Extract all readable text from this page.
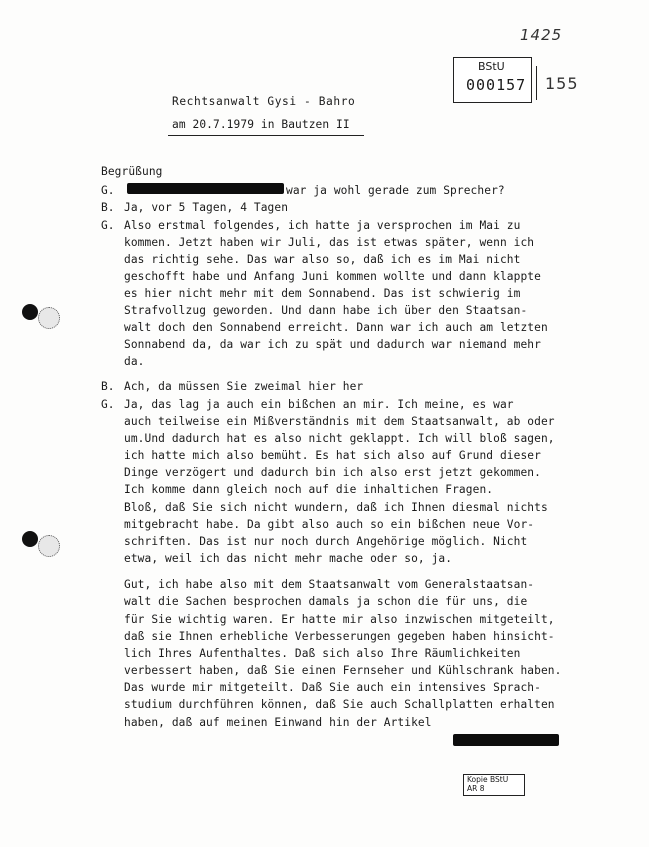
1425
BStU
000157 155
Rechtsanwalt Gysi - Bahro
am 20.7.1979 in Bautzen II
Begrüßung
G.	war ja wohl gerade zum Sprecher?
B. Ja, vor 5 Tagen, 4 Tagen
G. Also erstmal folgendes, ich hatte ja versprochen im Mai zu
kommen. Jetzt haben wir Juli, das ist etwas später, wenn ich
das richtig sehe. Das war also so, daß ich es im Mai nicht
geschofft habe und Anfang Juni kommen wollte und dann klappte
es hier nicht mehr mit dem Sonnabend. Das ist schwierig im
Strafvollzug geworden. Und dann habe ich über den Staatsan-
walt doch den Sonnabend erreicht. Dann war ich auch am letzten
Sonnabend da, da war ich zu spät und dadurch war niemand mehr
da.
B. Ach, da müssen Sie zweimal hier her
G. Ja, das lag ja auch ein bißchen an mir. Ich meine, es war
auch teilweise ein Mißverständnis mit dem Staatsanwalt, ab oder
um.Und dadurch hat es also nicht geklappt. Ich will bloß sagen,
ich hatte mich also bemüht. Es hat sich also auf Grund dieser
Dinge verzögert und dadurch bin ich also erst jetzt gekommen.
Ich komme dann gleich noch auf die inhaltichen Fragen.
Bloß, daß Sie sich nicht wundern, daß ich Ihnen diesmal nichts
mitgebracht habe. Da gibt also auch so ein bißchen neue Vor-
schriften. Das ist nur noch durch Angehörige möglich. Nicht
etwa, weil ich das nicht mehr mache oder so, ja.
Gut, ich habe also mit dem Staatsanwalt vom Generalstaatsan-
walt die Sachen besprochen damals ja schon die für uns, die
für Sie wichtig waren. Er hatte mir also inzwischen mitgeteilt,
daß sie Ihnen erhebliche Verbesserungen gegeben haben hinsicht-
lich Ihres Aufenthaltes. Daß sich also Ihre Räumlichkeiten
verbessert haben, daß Sie einen Fernseher und Kühlschrank haben.
Das wurde mir mitgeteilt. Daß Sie auch ein intensives Sprach-
studium durchführen können, daß Sie auch Schallplatten erhalten
haben, daß auf meinen Einwand hin der Artikel
Kopie BStU
AR 8
